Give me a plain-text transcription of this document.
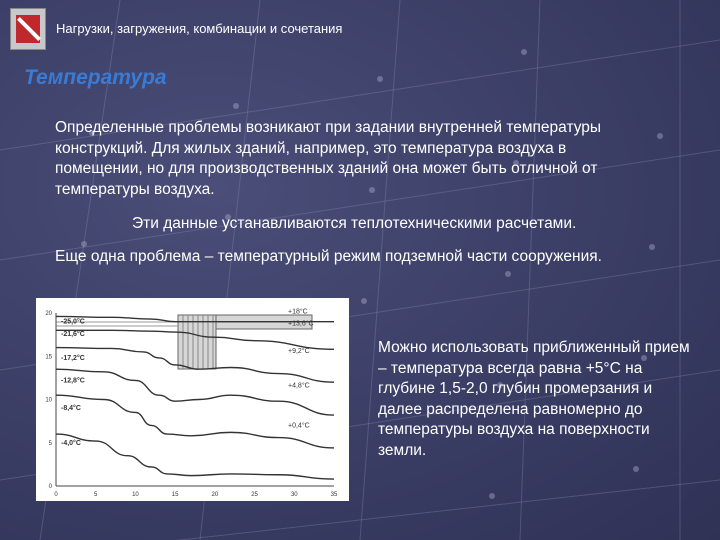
Нагрузки, загружения, комбинации и сочетания
Температура
Определенные проблемы возникают при задании внутренней температуры конструкций. Для жилых зданий, например, это температура воздуха в помещении, но для производственных зданий она может быть отличной от температуры воздуха.
Эти данные устанавливаются теплотехническими расчетами.
Еще одна проблема – температурный режим подземной части сооружения.
Можно использовать приближенный прием – температура всегда равна +5°С на глубине 1,5-2,0 глубин промерзания и далее распределена равномерно до температуры воздуха на поверхности земли.
0	5	10	15	20	25	30	35
20
15
10
5
0
-25,0°C
-21,6°C
-17,2°C
-12,8°C
-8,4°C
-4,0°C
+18°C
+13,6°C
+9,2°C
+4,8°C
+0,4°C
